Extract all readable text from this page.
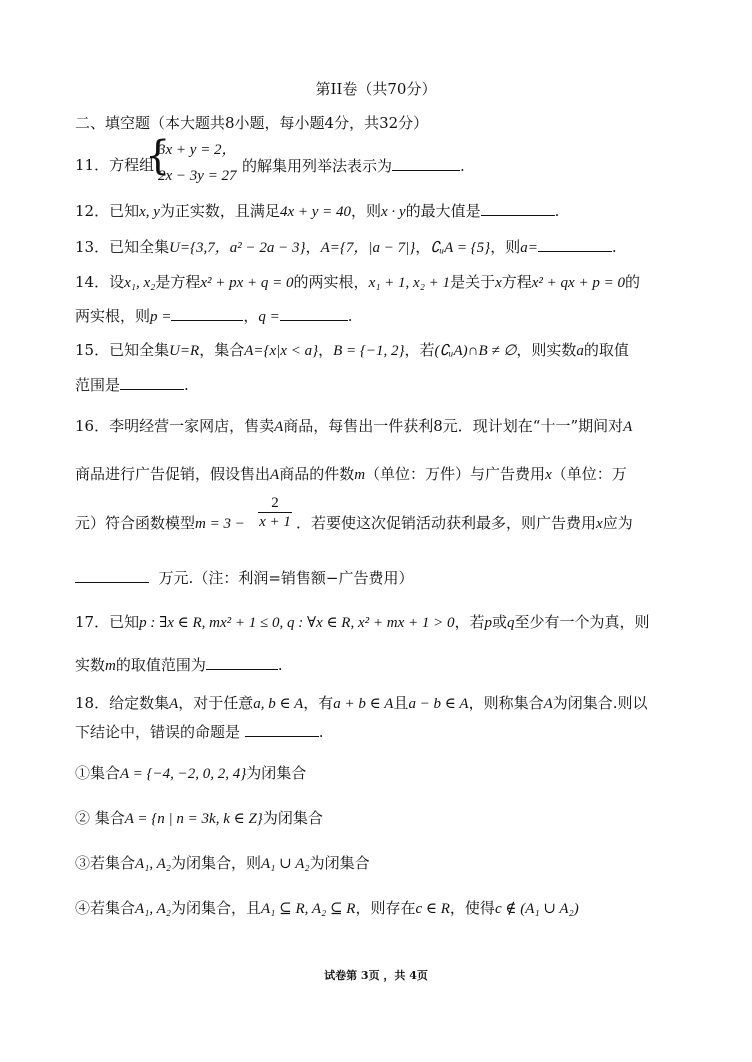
第II卷（共70分）
二、填空题（本大题共8小题，每小题4分，共32分）
11．方程组
{
3x + y = 2，
2x − 3y = 27
的解集用列举法表示为	.
12．已知x, y为正实数，且满足4x + y = 40，则x · y的最大值是	.
13．已知全集U={3,7，a² − 2a − 3}，A={7，|a − 7|}，∁ᵤA = {5}，则a=	.
14．设x₁, x₂是方程x² + px + q = 0的两实根，x₁ + 1, x₂ + 1是关于x方程x² + qx + p = 0的
两实根，则p =	，q =	.
15．已知全集U=R，集合A={x|x < a}，B = {−1, 2}，若(∁ᵤA)∩B ≠ ∅，则实数a的取值
范围是	.
16．李明经营一家网店，售卖A商品，每售出一件获利8元．现计划在“十一”期间对A
商品进行广告促销，假设售出A商品的件数m（单位：万件）与广告费用x（单位：万
元）符合函数模型m = 3 −
2
x + 1 ．若要使这次促销活动获利最多，则广告费用x应为
万元.（注：利润=销售额−广告费用）
17．已知p : ∃x ∈ R, mx² + 1 ≤ 0, q : ∀x ∈ R, x² + mx + 1 > 0，若p或q至少有一个为真，则
实数m的取值范围为	.
18．给定数集A，对于任意a, b ∈ A，有a + b ∈ A且a − b ∈ A，则称集合A为闭集合.则以
下结论中，错误的命题是	.
①集合A = {−4, −2, 0, 2, 4}为闭集合
② 集合A = {n | n = 3k, k ∈ Z}为闭集合
③若集合A₁, A₂为闭集合，则A₁ ∪ A₂为闭集合
④若集合A₁, A₂为闭集合，且A₁ ⊆ R, A₂ ⊆ R，则存在c ∈ R，使得c ∉ (A₁ ∪ A₂)
试卷第 3页 ，共 4页
